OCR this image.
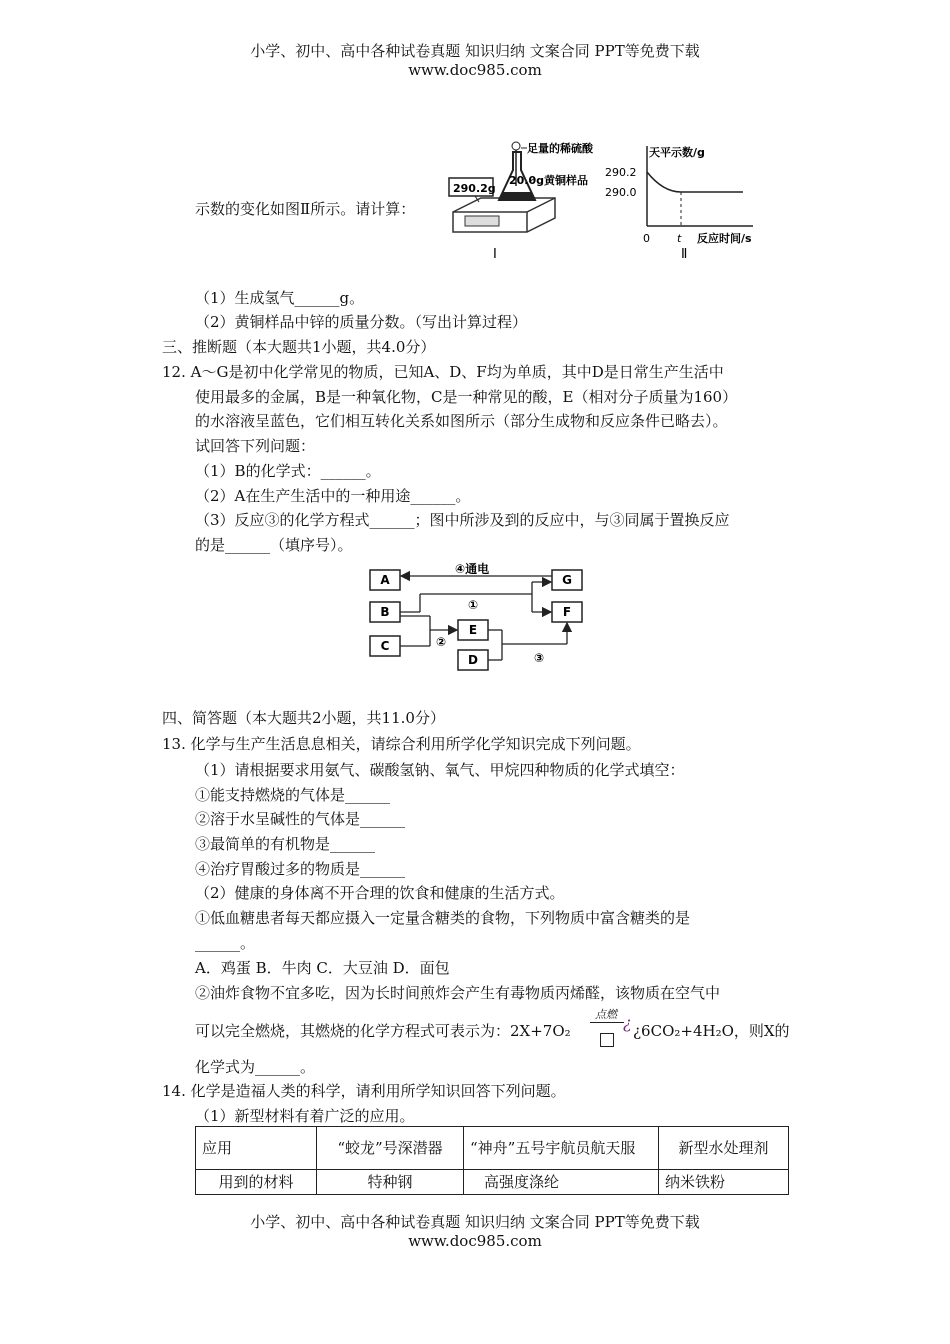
小学、初中、高中各种试卷真题 知识归纳 文案合同 PPT等免费下载
www.doc985.com
示数的变化如图Ⅱ所示。请计算：
290.2g
足量的稀硫酸
20.0g黄铜样品
Ⅰ
天平示数/g
290.2
290.0
0 t 反应时间/s
Ⅱ
（1）生成氢气______g。
（2）黄铜样品中锌的质量分数。（写出计算过程）
三、推断题（本大题共1小题，共4.0分）
12. A～G是初中化学常见的物质，已知A、D、F均为单质，其中D是日常生产生活中
使用最多的金属，B是一种氧化物，C是一种常见的酸，E（相对分子质量为160）
的水溶液呈蓝色，它们相互转化关系如图所示（部分生成物和反应条件已略去）。
试回答下列问题：
（1）B的化学式：______。
（2）A在生产生活中的一种用途______。
（3）反应③的化学方程式______；图中所涉及到的反应中，与③同属于置换反应
的是______（填序号）。
A
B
C
E
D
G
F
④通电
①
②
③
四、简答题（本大题共2小题，共11.0分）
13. 化学与生产生活息息相关，请综合利用所学化学知识完成下列问题。
（1）请根据要求用氨气、碳酸氢钠、氧气、甲烷四种物质的化学式填空：
①能支持燃烧的气体是______
②溶于水呈碱性的气体是______
③最简单的有机物是______
④治疗胃酸过多的物质是______
（2）健康的身体离不开合理的饮食和健康的生活方式。
①低血糖患者每天都应摄入一定量含糖类的食物，下列物质中富含糖类的是
______。
A．鸡蛋 B．牛肉 C．大豆油 D．面包
②油炸食物不宜多吃，因为长时间煎炸会产生有毒物质丙烯醛，该物质在空气中
可以完全燃烧，其燃烧的化学方程式可表示为：2X+7O₂
点燃 ¿ ¿6CO₂+4H₂O，则X的
化学式为______。
14. 化学是造福人类的科学，请利用所学知识回答下列问题。
（1）新型材料有着广泛的应用。
应用	“蛟龙”号深潜器	“神舟”五号宇航员航天服	新型水处理剂
用到的材料	特种钢	高强度涤纶	纳米铁粉
小学、初中、高中各种试卷真题 知识归纳 文案合同 PPT等免费下载
www.doc985.com
